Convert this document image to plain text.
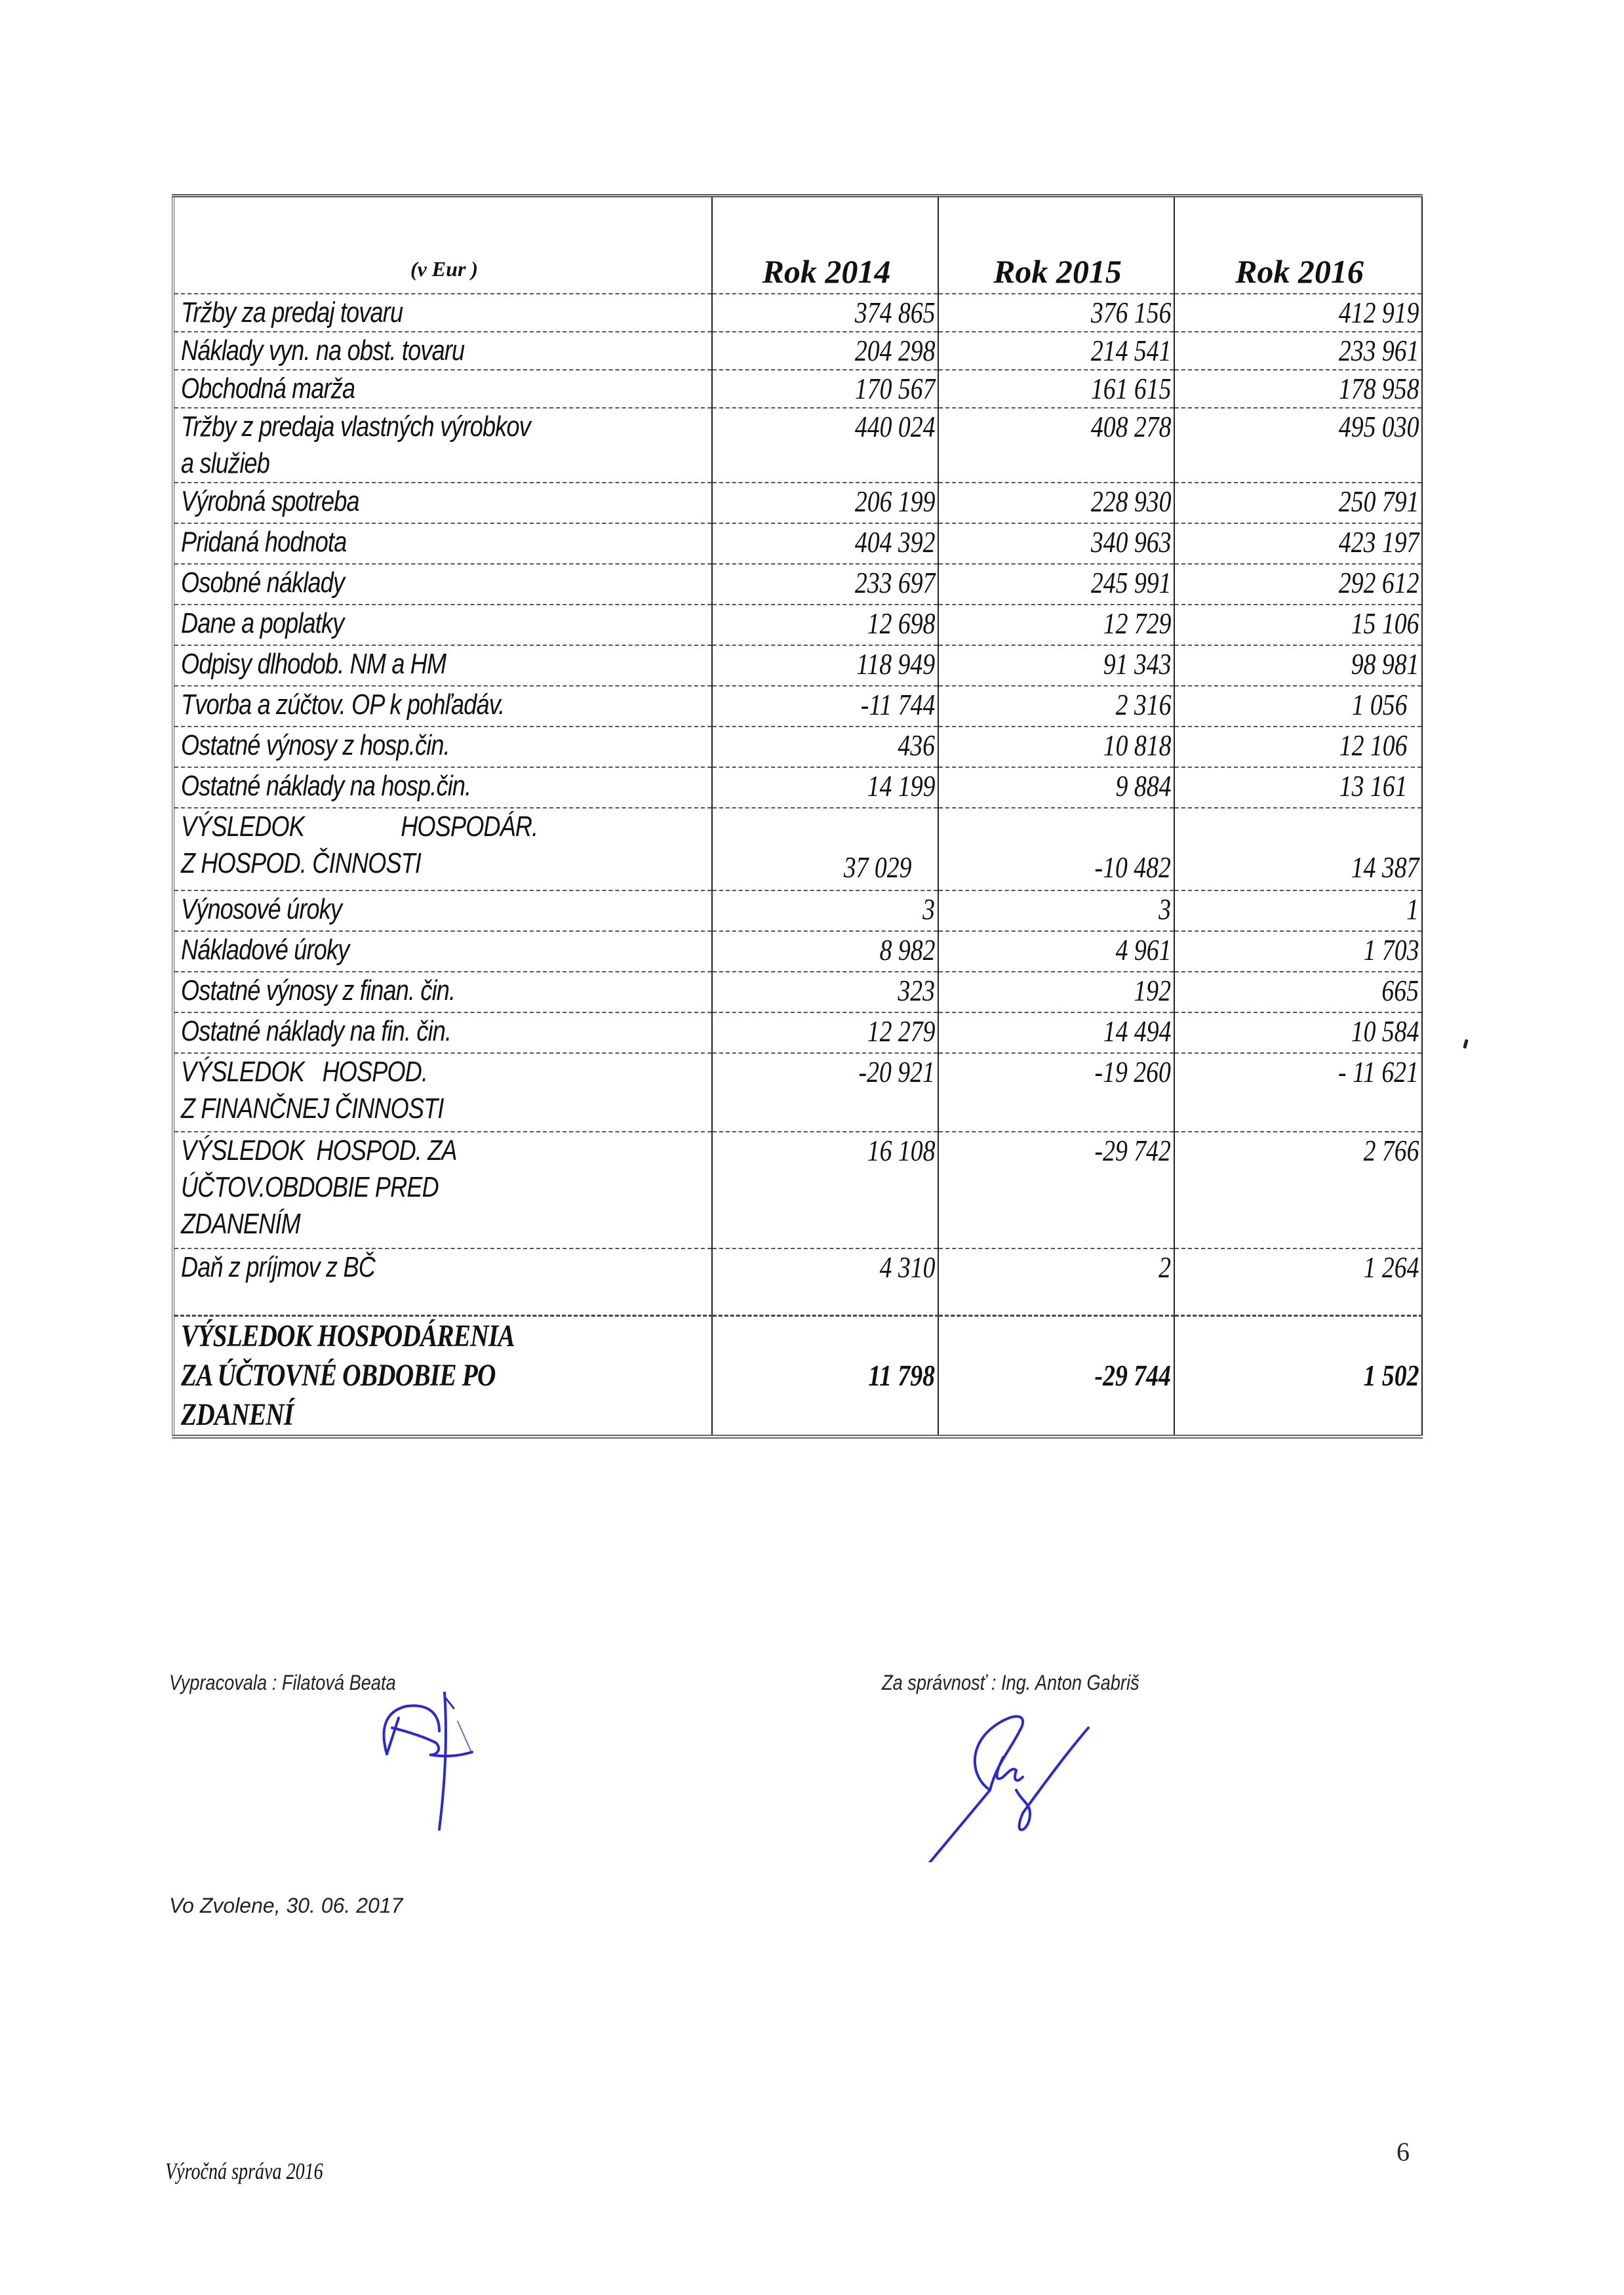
(v Eur )	Rok 2014	Rok 2015	Rok 2016
Tržby za predaj tovaru	374 865	376 156	412 919
Náklady vyn. na obst. tovaru	204 298	214 541	233 961
Obchodná marža	170 567	161 615	178 958
Tržby z predaja vlastných výrobkov
a služieb	440 024	408 278	495 030
Výrobná spotreba	206 199	228 930	250 791
Pridaná hodnota	404 392	340 963	423 197
Osobné náklady	233 697	245 991	292 612
Dane a poplatky	12 698	12 729	15 106
Odpisy dlhodob. NM a HM	118 949	91 343	98 981
Tvorba a zúčtov. OP k pohľadáv.	-11 744	2 316	1 056
Ostatné výnosy z hosp.čin.	436	10 818	12 106
Ostatné náklady na hosp.čin.	14 199	9 884	13 161
VÝSLEDOK                HOSPODÁR.
Z HOSPOD. ČINNOSTI	37 029	-10 482	14 387
Výnosové úroky	3	3	1
Nákladové úroky	8 982	4 961	1 703
Ostatné výnosy z finan. čin.	323	192	665
Ostatné náklady na fin. čin.	12 279	14 494	10 584
VÝSLEDOK   HOSPOD.
Z FINANČNEJ ČINNOSTI	-20 921	-19 260	- 11 621
VÝSLEDOK  HOSPOD. ZA
ÚČTOV.OBDOBIE PRED
ZDANENÍM	16 108	-29 742	2 766
Daň z príjmov z BČ	4 310	2	1 264
VÝSLEDOK HOSPODÁRENIA
ZA ÚČTOVNÉ OBDOBIE PO
ZDANENÍ	11 798	-29 744	1 502
Vypracovala : Filatová Beata	Za správnosť : Ing. Anton Gabriš
Vo Zvolene, 30. 06. 2017
6
Výročná správa 2016
